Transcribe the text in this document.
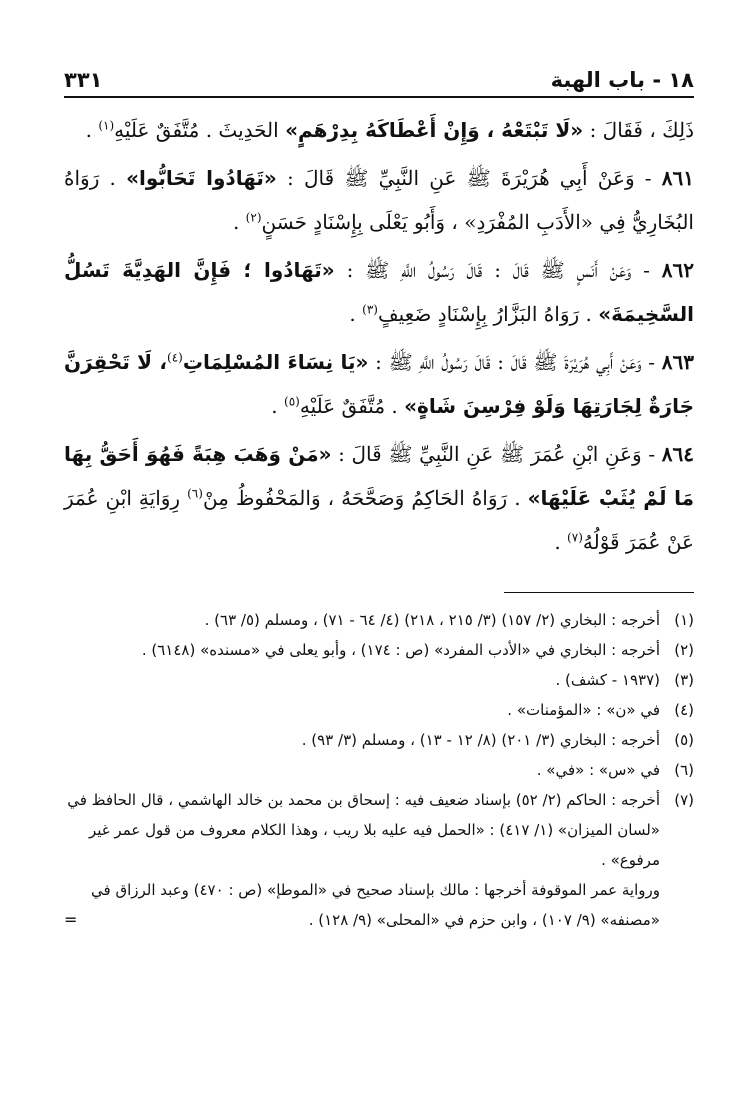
١٨ - باب الهبة
٣٣١

ذَلِكَ ، فَقَالَ : «لَا تَبْتَعْهُ ، وَإِنْ أَعْطَاكَهُ بِدِرْهَمٍ» الحَدِيثَ . مُتَّفَقٌ عَلَيْهِ$^{(١)}$ .

٨٦١ - وَعَنْ أَبِي هُرَيْرَةَ ﷺ عَنِ النَّبِيِّ ﷺ قَالَ : «تَهَادُوا تَحَابُّوا» . رَوَاهُ البُخَارِيُّ فِي «الأَدَبِ المُفْرَدِ» ، وَأَبُو يَعْلَى بِإِسْنَادٍ حَسَنٍ$^{(٢)}$ .

٨٦٢ - وَعَنْ أَنَسٍ ﷺ قَالَ : قَالَ رَسُولُ اللَّهِ ﷺ : «تَهَادُوا ؛ فَإِنَّ الهَدِيَّةَ تَسُلُّ السَّخِيمَةَ» . رَوَاهُ البَزَّارُ بِإِسْنَادٍ ضَعِيفٍ$^{(٣)}$ .

٨٦٣ - وَعَنْ أَبِي هُرَيْرَةَ ﷺ قَالَ : قَالَ رَسُولُ اللَّهِ ﷺ : «يَا نِسَاءَ المُسْلِمَاتِ$^{(٤)}$، لَا تَحْقِرَنَّ جَارَةٌ لِجَارَتِهَا وَلَوْ فِرْسِنَ شَاةٍ» . مُتَّفَقٌ عَلَيْهِ$^{(٥)}$ .

٨٦٤ - وَعَنِ ابْنِ عُمَرَ ﷺ عَنِ النَّبِيِّ ﷺ قَالَ : «مَنْ وَهَبَ هِبَةً فَهُوَ أَحَقُّ بِهَا مَا لَمْ يُثَبْ عَلَيْهَا» . رَوَاهُ الحَاكِمُ وَصَحَّحَهُ ، وَالمَحْفُوظُ مِنْ$^{(٦)}$ رِوَايَةِ ابْنِ عُمَرَ عَنْ عُمَرَ قَوْلُهُ$^{(٧)}$ .

(١)
أخرجه : البخاري (٢/ ١٥٧) (٣/ ٢١٥ ، ٢١٨) (٤/ ٦٤ - ٧١) ، ومسلم (٥/ ٦٣) .
(٢)
أخرجه : البخاري في «الأدب المفرد» (ص : ١٧٤) ، وأبو يعلى في «مسنده» (٦١٤٨) .
(٣)
(١٩٣٧ - كشف) .
(٤)
في «ن» : «المؤمنات» .
(٥)
أخرجه : البخاري (٣/ ٢٠١) (٨/ ١٢ - ١٣) ، ومسلم (٣/ ٩٣) .
(٦)
في «س» : «في» .
(٧)
أخرجه : الحاكم (٢/ ٥٢) بإسناد ضعيف فيه : إسحاق بن محمد بن خالد الهاشمي ، قال الحافظ في «لسان الميزان» (١/ ٤١٧) : «الحمل فيه عليه بلا ريب ، وهذا الكلام معروف من قول عمر غير مرفوع» .
ورواية عمر الموقوفة أخرجها : مالك بإسناد صحيح في «الموطإ» (ص : ٤٧٠) وعبد الرزاق في «مصنفه» (٩/ ١٠٧) ، وابن حزم في «المحلى» (٩/ ١٢٨) .
=
